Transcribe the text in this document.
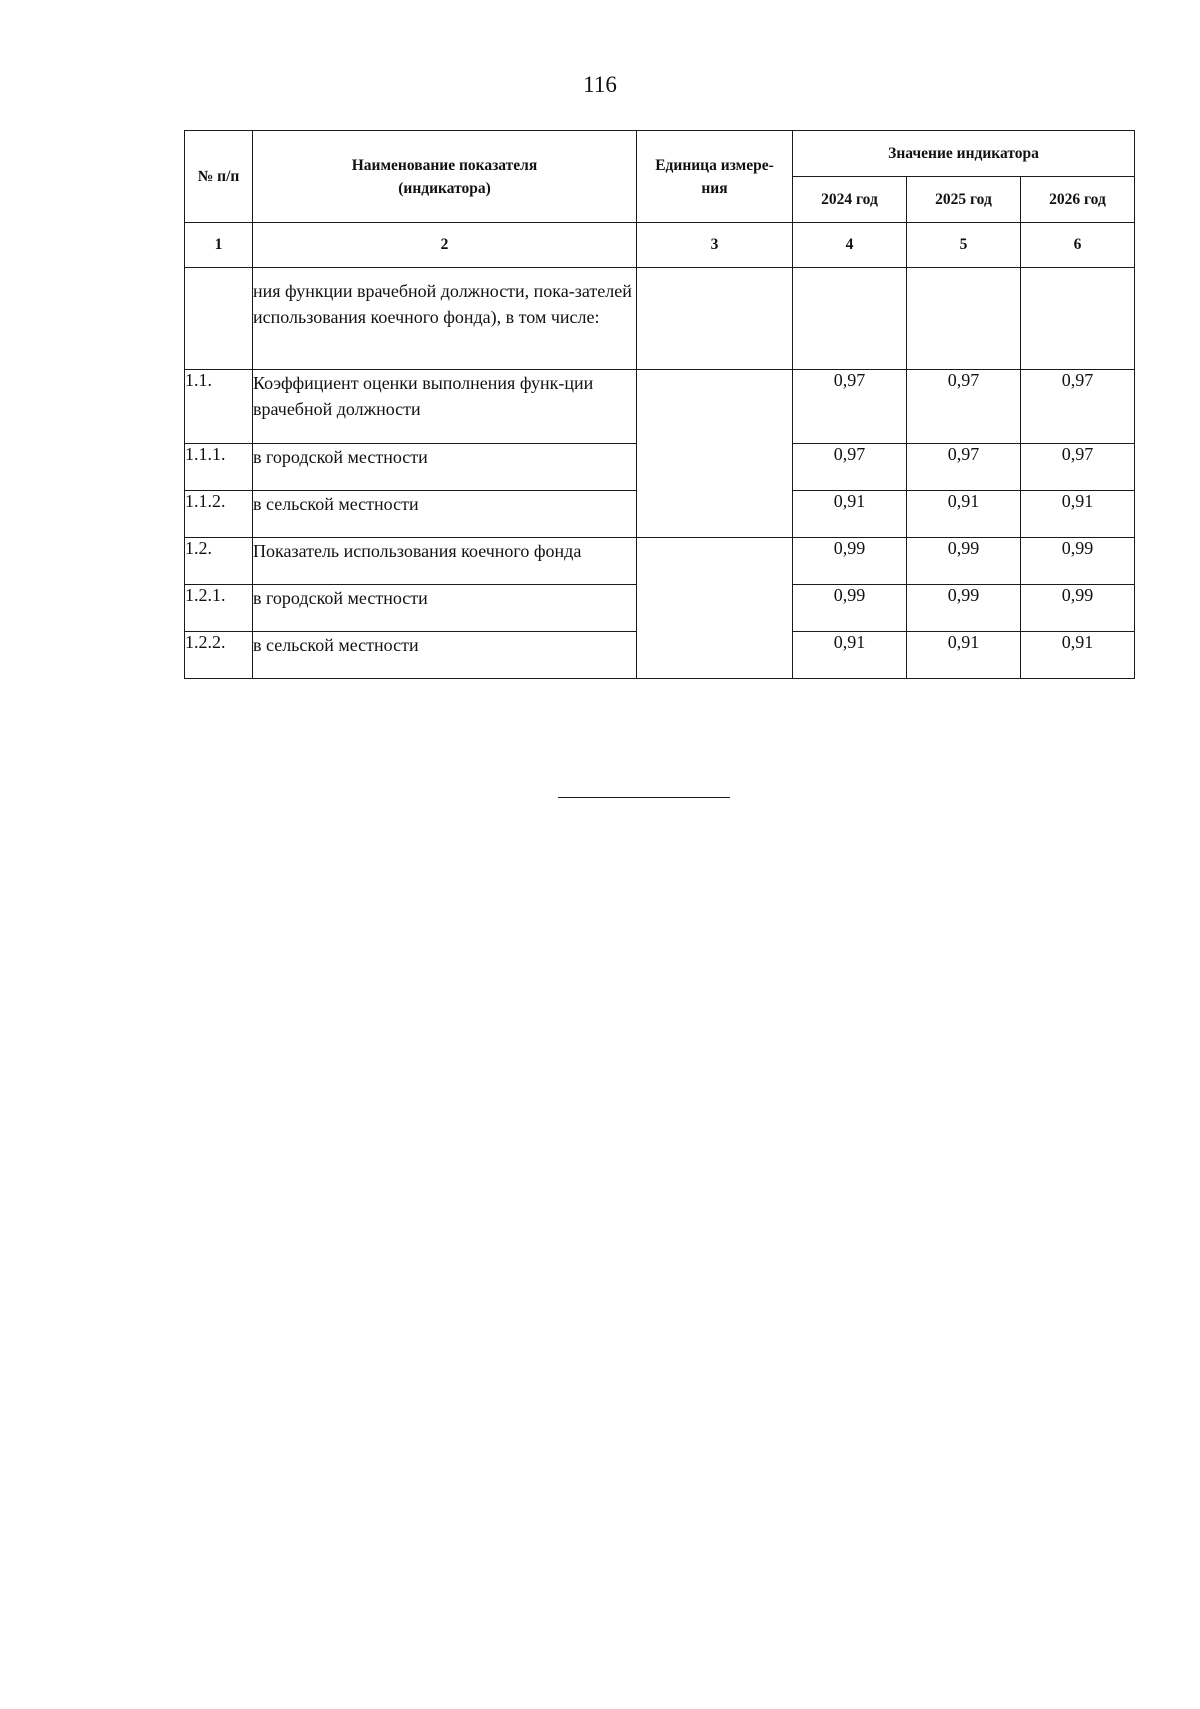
116
№ п/п	Наименование показателя (индикатора)	Единица измере-ния	Значение индикатора		
			2024 год	2025 год	2026 год
1	2	3	4	5	6
	ния функции врачебной должности, пока-зателей использования коечного фонда), в том числе:				
1.1.	Коэффициент оценки выполнения функ-ции врачебной должности		0,97	0,97	0,97
1.1.1.	в городской местности		0,97	0,97	0,97
1.1.2.	в сельской местности		0,91	0,91	0,91
1.2.	Показатель использования коечного фонда		0,99	0,99	0,99
1.2.1.	в городской местности		0,99	0,99	0,99
1.2.2.	в сельской местности		0,91	0,91	0,91
